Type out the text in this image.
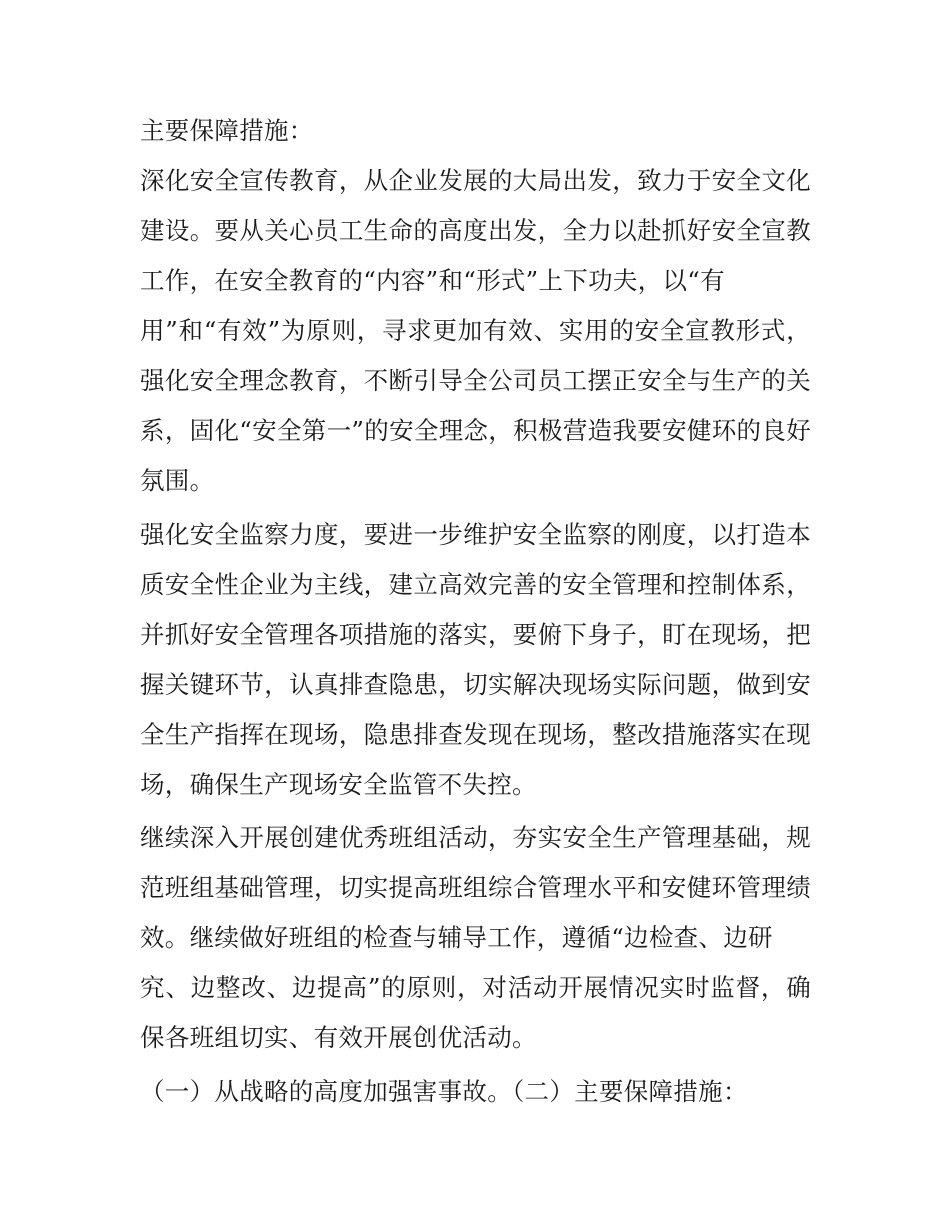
主要保障措施：
深化安全宣传教育，从企业发展的大局出发，致力于安全文化
建设。要从关心员工生命的高度出发，全力以赴抓好安全宣教
工作，在安全教育的“内容”和“形式”上下功夫，以“有
用”和“有效”为原则，寻求更加有效、实用的安全宣教形式，
强化安全理念教育，不断引导全公司员工摆正安全与生产的关
系，固化“安全第一”的安全理念，积极营造我要安健环的良好
氛围。
强化安全监察力度，要进一步维护安全监察的刚度，以打造本
质安全性企业为主线，建立高效完善的安全管理和控制体系，
并抓好安全管理各项措施的落实，要俯下身子，盯在现场，把
握关键环节，认真排查隐患，切实解决现场实际问题，做到安
全生产指挥在现场，隐患排查发现在现场，整改措施落实在现
场，确保生产现场安全监管不失控。
继续深入开展创建优秀班组活动，夯实安全生产管理基础，规
范班组基础管理，切实提高班组综合管理水平和安健环管理绩
效。继续做好班组的检查与辅导工作，遵循“边检查、边研
究、边整改、边提高”的原则，对活动开展情况实时监督，确
保各班组切实、有效开展创优活动。
（一）从战略的高度加强害事故。（二）主要保障措施：
